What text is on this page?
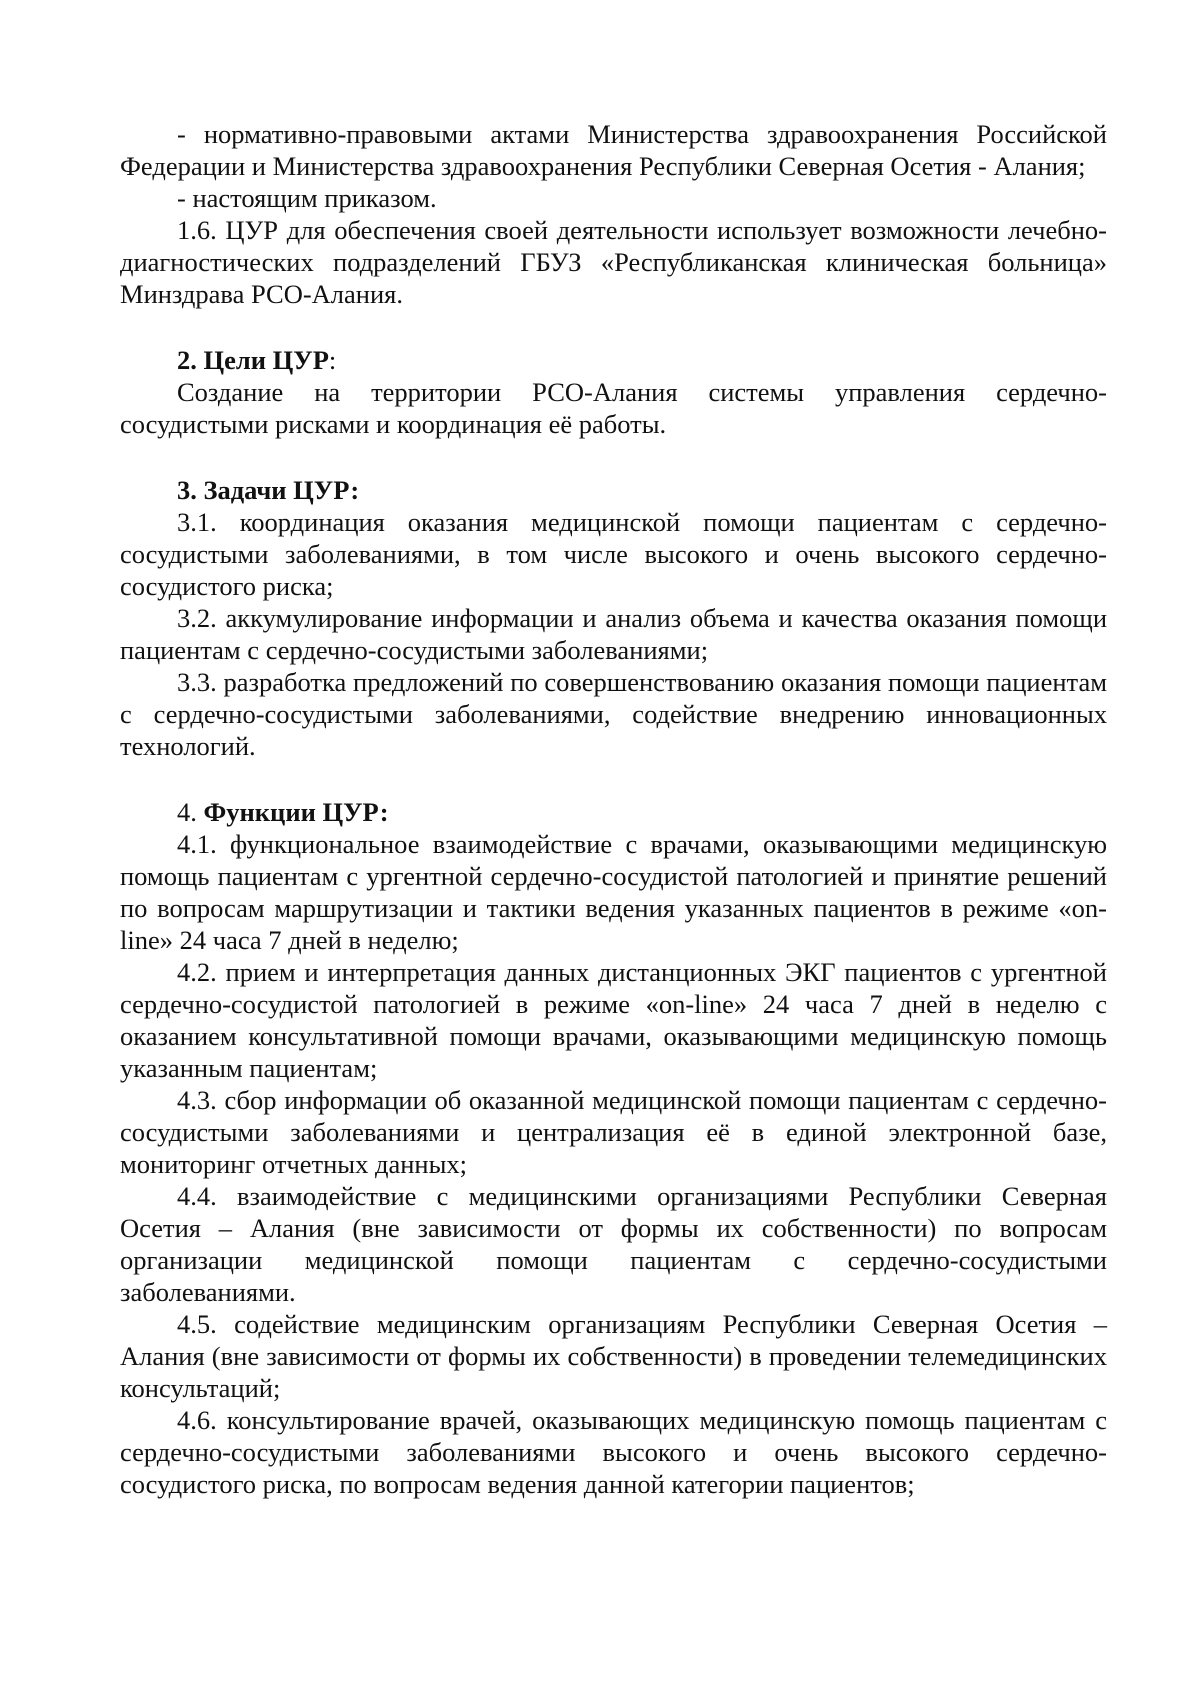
- нормативно-правовыми актами Министерства здравоохранения Российской Федерации и Министерства здравоохранения Республики Северная Осетия - Алания;

- настоящим приказом.

1.6. ЦУР для обеспечения своей деятельности использует возможности лечебно-диагностических подразделений ГБУЗ «Республиканская клиническая больница» Минздрава РСО-Алания.

2. Цели ЦУР:

Создание на территории РСО-Алания системы управления сердечно-сосудистыми рисками и координация её работы.

3. Задачи ЦУР:

3.1. координация оказания медицинской помощи пациентам с сердечно-сосудистыми заболеваниями, в том числе высокого и очень высокого сердечно-сосудистого риска;

3.2. аккумулирование информации и анализ объема и качества оказания помощи пациентам с сердечно-сосудистыми заболеваниями;

3.3. разработка предложений по совершенствованию оказания помощи пациентам с сердечно-сосудистыми заболеваниями, содействие внедрению инновационных технологий.

4. Функции ЦУР:

4.1. функциональное взаимодействие с врачами, оказывающими медицинскую помощь пациентам с ургентной сердечно-сосудистой патологией и принятие решений по вопросам маршрутизации и тактики ведения указанных пациентов в режиме «on-line» 24 часа 7 дней в неделю;

4.2. прием и интерпретация данных дистанционных ЭКГ пациентов с ургентной сердечно-сосудистой патологией в режиме «on-line» 24 часа 7 дней в неделю с оказанием консультативной помощи врачами, оказывающими медицинскую помощь указанным пациентам;

4.3. сбор информации об оказанной медицинской помощи пациентам с сердечно-сосудистыми заболеваниями и централизация её в единой электронной базе, мониторинг отчетных данных;

4.4. взаимодействие с медицинскими организациями Республики Северная Осетия – Алания (вне зависимости от формы их собственности) по вопросам организации медицинской помощи пациентам с сердечно-сосудистыми заболеваниями.

4.5. содействие медицинским организациям Республики Северная Осетия – Алания (вне зависимости от формы их собственности) в проведении телемедицинских консультаций;

4.6. консультирование врачей, оказывающих медицинскую помощь пациентам с сердечно-сосудистыми заболеваниями высокого и очень высокого сердечно-сосудистого риска, по вопросам ведения данной категории пациентов;
